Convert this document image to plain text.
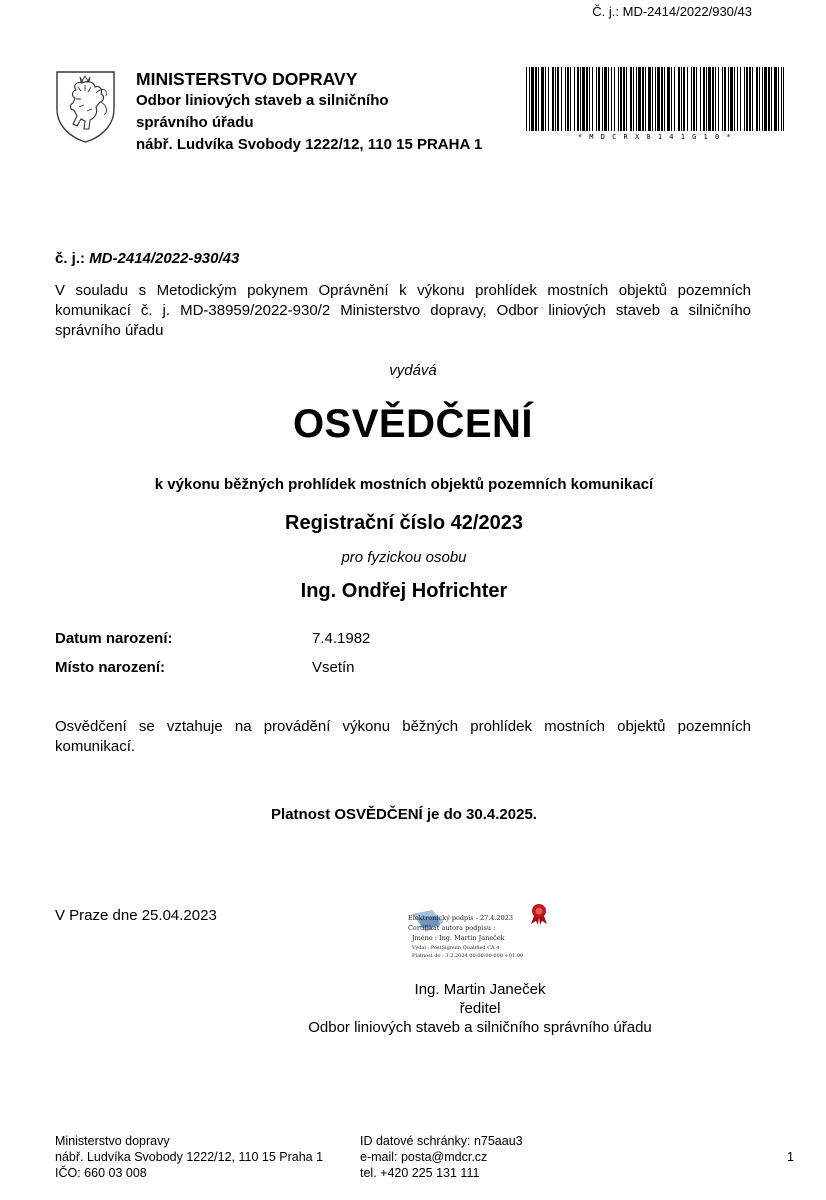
Č. j.: MD-2414/2022/930/43
MINISTERSTVO DOPRAVY
Odbor liniových staveb a silničního
správního úřadu
nábř. Ludvíka Svobody 1222/12, 110 15 PRAHA 1	* M D C R X 0 1 4 1 G 1 0 *
č. j.: MD-2414/2022-930/43
V souladu s Metodickým pokynem Oprávnění k výkonu prohlídek mostních objektů pozemních komunikací č. j. MD-38959/2022-930/2 Ministerstvo dopravy, Odbor liniových staveb a silničního správního úřadu
vydává
OSVĚDČENÍ
k výkonu běžných prohlídek mostních objektů pozemních komunikací
Registrační číslo 42/2023
pro fyzickou osobu
Ing. Ondřej Hofrichter
Datum narození:	7.4.1982
Místo narození:	Vsetín
Osvědčení se vztahuje na provádění výkonu běžných prohlídek mostních objektů pozemních komunikací.
Platnost OSVĚDČENÍ je do 30.4.2025.
V Praze dne 25.04.2023	Elektronický podpis - 27.4.2023
Certifikát autora podpisu :
Jméno : Ing. Martin Janeček
Vydal : PostSignum Qualified CA 4
Platnost do : 3.2.2024 00:00:00-000 +01:00
Ing. Martin Janeček
ředitel
Odbor liniových staveb a silničního správního úřadu
Ministerstvo dopravy
nábř. Ludvíka Svobody 1222/12, 110 15 Praha 1
IČO: 660 03 008
ID datové schránky: n75aau3
e-mail: posta@mdcr.cz
tel. +420 225 131 111
1
